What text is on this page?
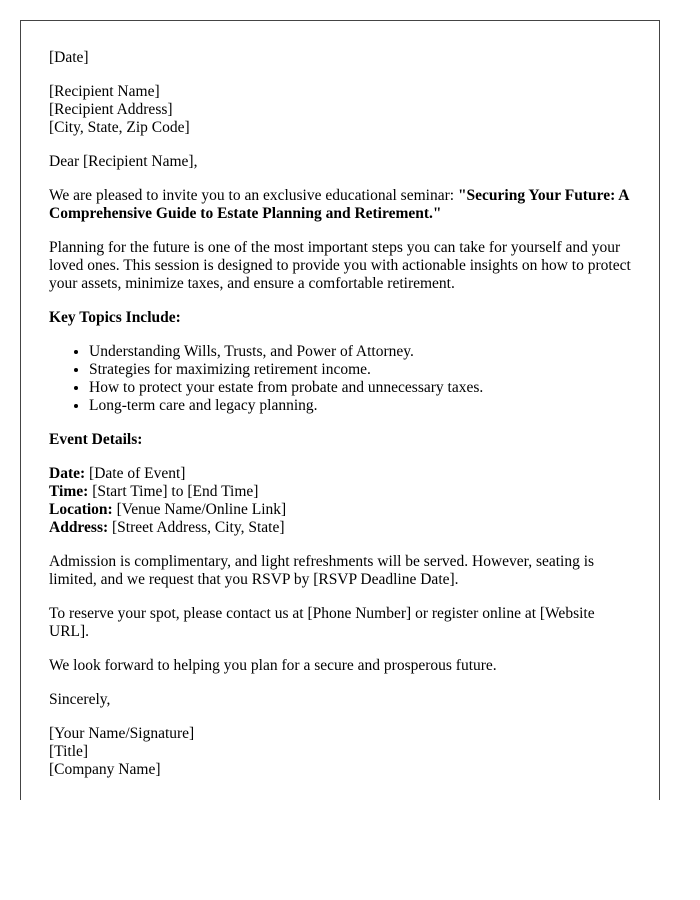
[Date]

[Recipient Name]
[Recipient Address]
[City, State, Zip Code]

Dear [Recipient Name],

We are pleased to invite you to an exclusive educational seminar: "Securing Your Future: A Comprehensive Guide to Estate Planning and Retirement."

Planning for the future is one of the most important steps you can take for yourself and your loved ones. This session is designed to provide you with actionable insights on how to protect your assets, minimize taxes, and ensure a comfortable retirement.

Key Topics Include:

• Understanding Wills, Trusts, and Power of Attorney.
• Strategies for maximizing retirement income.
• How to protect your estate from probate and unnecessary taxes.
• Long-term care and legacy planning.

Event Details:

Date: [Date of Event]
Time: [Start Time] to [End Time]
Location: [Venue Name/Online Link]
Address: [Street Address, City, State]

Admission is complimentary, and light refreshments will be served. However, seating is limited, and we request that you RSVP by [RSVP Deadline Date].

To reserve your spot, please contact us at [Phone Number] or register online at [Website URL].

We look forward to helping you plan for a secure and prosperous future.

Sincerely,

[Your Name/Signature]
[Title]
[Company Name]
